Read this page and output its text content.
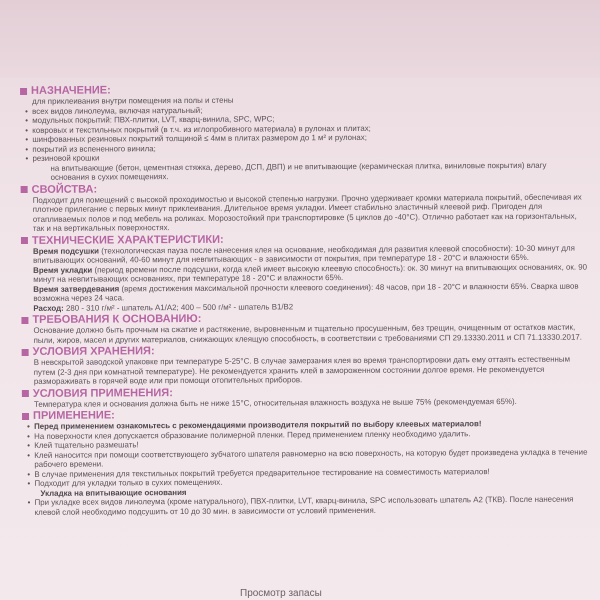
НАЗНАЧЕНИЕ:
для приклеивания внутри помещения на полы и стены
• всех видов линолеума, включая натуральный;
• модульных покрытий: ПВХ-плитки, LVT, кварц-винила, SPC, WPC;
• ковровых и текстильных покрытий (в т.ч. из иглопробивного материала) в рулонах и плитах;
• шинфованных резиновых покрытий толщиной ≤ 4мм в плитах размером до 1 м² и рулонах;
• покрытий из вспененного винила;
• резиновой крошки
на впитывающие (бетон, цементная стяжка, дерево, ДСП, ДВП) и не впитывающие (керамическая плитка, виниловые покрытия) влагу основания в сухих помещениях.
СВОЙСТВА:
Подходит для помещений с высокой проходимостью и высокой степенью нагрузки. Прочно удерживает кромки материала покрытий, обеспечивая их плотное прилегание с первых минут приклеивания. Длительное время укладки. Имеет стабильно эластичный клеевой риф. Пригоден для отапливаемых полов и под мебель на роликах. Морозостойкий при транспортировке (5 циклов до -40°C). Отлично работает как на горизонтальных, так и на вертикальных поверхностях.
ТЕХНИЧЕСКИЕ ХАРАКТЕРИСТИКИ:
Время подсушки (технологическая пауза после нанесения клея на основание, необходимая для развития клеевой способности): 10-30 минут для впитывающих оснований, 40-60 минут для невпитывающих - в зависимости от покрытия, при температуре 18 - 20°C и влажности 65%.
Время укладки (период времени после подсушки, когда клей имеет высокую клеевую способность): ок. 30 минут на впитывающих основаниях, ок. 90 минут на невпитывающих основаниях, при температуре 18 - 20°C и влажности 65%.
Время затвердевания (время достижения максимальной прочности клеевого соединения): 48 часов, при 18 - 20°C и влажности 65%. Сварка швов возможна через 24 часа.
Расход: 280 - 310 г/м² - шпатель А1/А2; 400 – 500 г/м² - шпатель В1/В2
ТРЕБОВАНИЯ К ОСНОВАНИЮ:
Основание должно быть прочным на сжатие и растяжение, выровненным и тщательно просушенным, без трещин, очищенным от остатков мастик, пыли, жиров, масел и других материалов, снижающих клеящую способность, в соответствии с требованиями СП 29.13330.2011 и СП 71.13330.2017.
УСЛОВИЯ ХРАНЕНИЯ:
В невскрытой заводской упаковке при температуре 5-25°C. В случае замерзания клея во время транспортировки дать ему оттаять естественным путем (2-3 дня при комнатной температуре). Не рекомендуется хранить клей в замороженном состоянии долгое время. Не рекомендуется размораживать в горячей воде или при помощи отопительных приборов.
УСЛОВИЯ ПРИМЕНЕНИЯ:
Температура клея и основания должна быть не ниже 15°C, относительная влажность воздуха не выше 75% (рекомендуемая 65%).
ПРИМЕНЕНИЕ:
• Перед применением ознакомьтесь с рекомендациями производителя покрытий по выбору клеевых материалов!
• На поверхности клея допускается образование полимерной пленки. Перед применением пленку необходимо удалить.
• Клей тщательно размешать!
• Клей наносится при помощи соответствующего зубчатого шпателя равномерно на всю поверхность, на которую будет произведена укладка в течение рабочего времени.
• В случае применения для текстильных покрытий требуется предварительное тестирование на совместимость материалов!
• Подходит для укладки только в сухих помещениях.
Укладка на впитывающие основания
• При укладке всех видов линолеума (кроме натурального), ПВХ-плитки, LVT, кварц-винила, SPC использовать шпатель А2 (ТКВ). После нанесения клевой слой необходимо подсушить от 10 до 30 мин. в зависимости от условий применения.
Просмотр запасы
